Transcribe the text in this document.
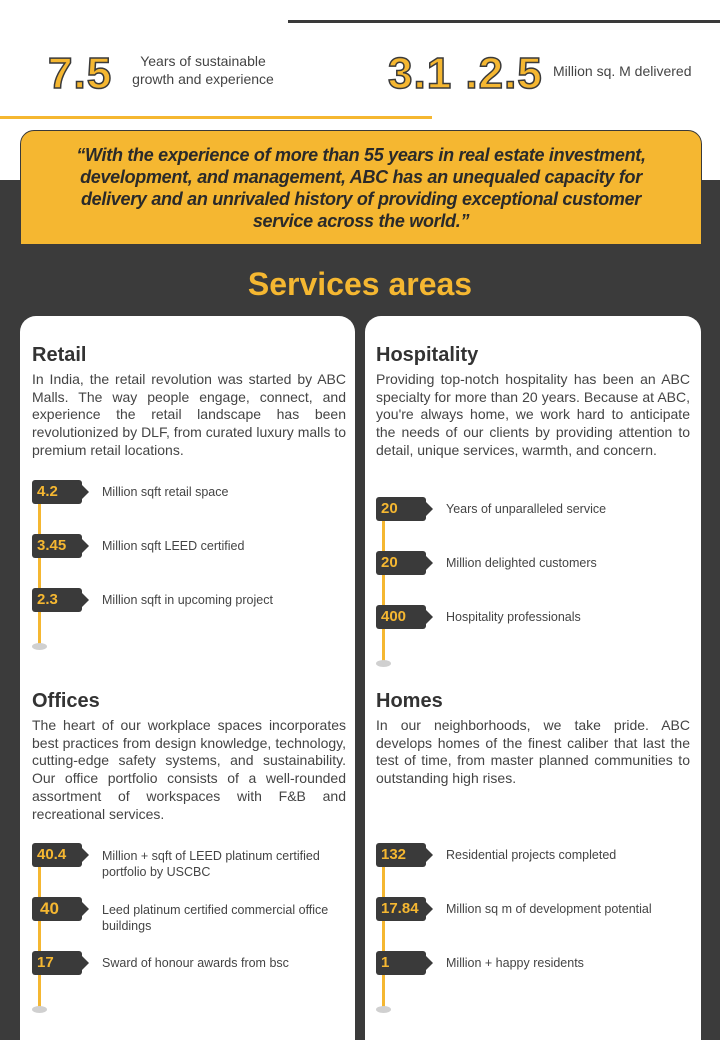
7.5	Years of sustainable growth and experience	3.1 .2.5 Million sq. M delivered
“With the experience of more than 55 years in real estate investment, development, and management, ABC has an unequaled capacity for delivery and an unrivaled history of providing exceptional customer service across the world.”
Services areas
Retail
In India, the retail revolution was started by ABC Malls. The way people engage, connect, and experience the retail landscape has been revolutionized by DLF, from curated luxury malls to premium retail locations.
4.2	Million sqft retail space
3.45	Million sqft LEED certified
2.3	Million sqft in upcoming project
Hospitality
Providing top-notch hospitality has been an ABC specialty for more than 20 years. Because at ABC, you're always home, we work hard to anticipate the needs of our clients by providing attention to detail, unique services, warmth, and concern.
20	Years of unparalleled service
20	Million delighted customers
400	Hospitality professionals
Offices
The heart of our workplace spaces incorporates best practices from design knowledge, technology, cutting-edge safety systems, and sustainability. Our office portfolio consists of a well-rounded assortment of workspaces with F&B and recreational services.
40.4	Million + sqft of LEED platinum certified portfolio by USCBC
40	Leed platinum certified commercial office buildings
17	Sward of honour awards from bsc
Homes
In our neighborhoods, we take pride. ABC develops homes of the finest caliber that last the test of time, from master planned communities to outstanding high rises.
132	Residential projects completed
17.84	Million sq m of development potential
1	Million + happy residents
